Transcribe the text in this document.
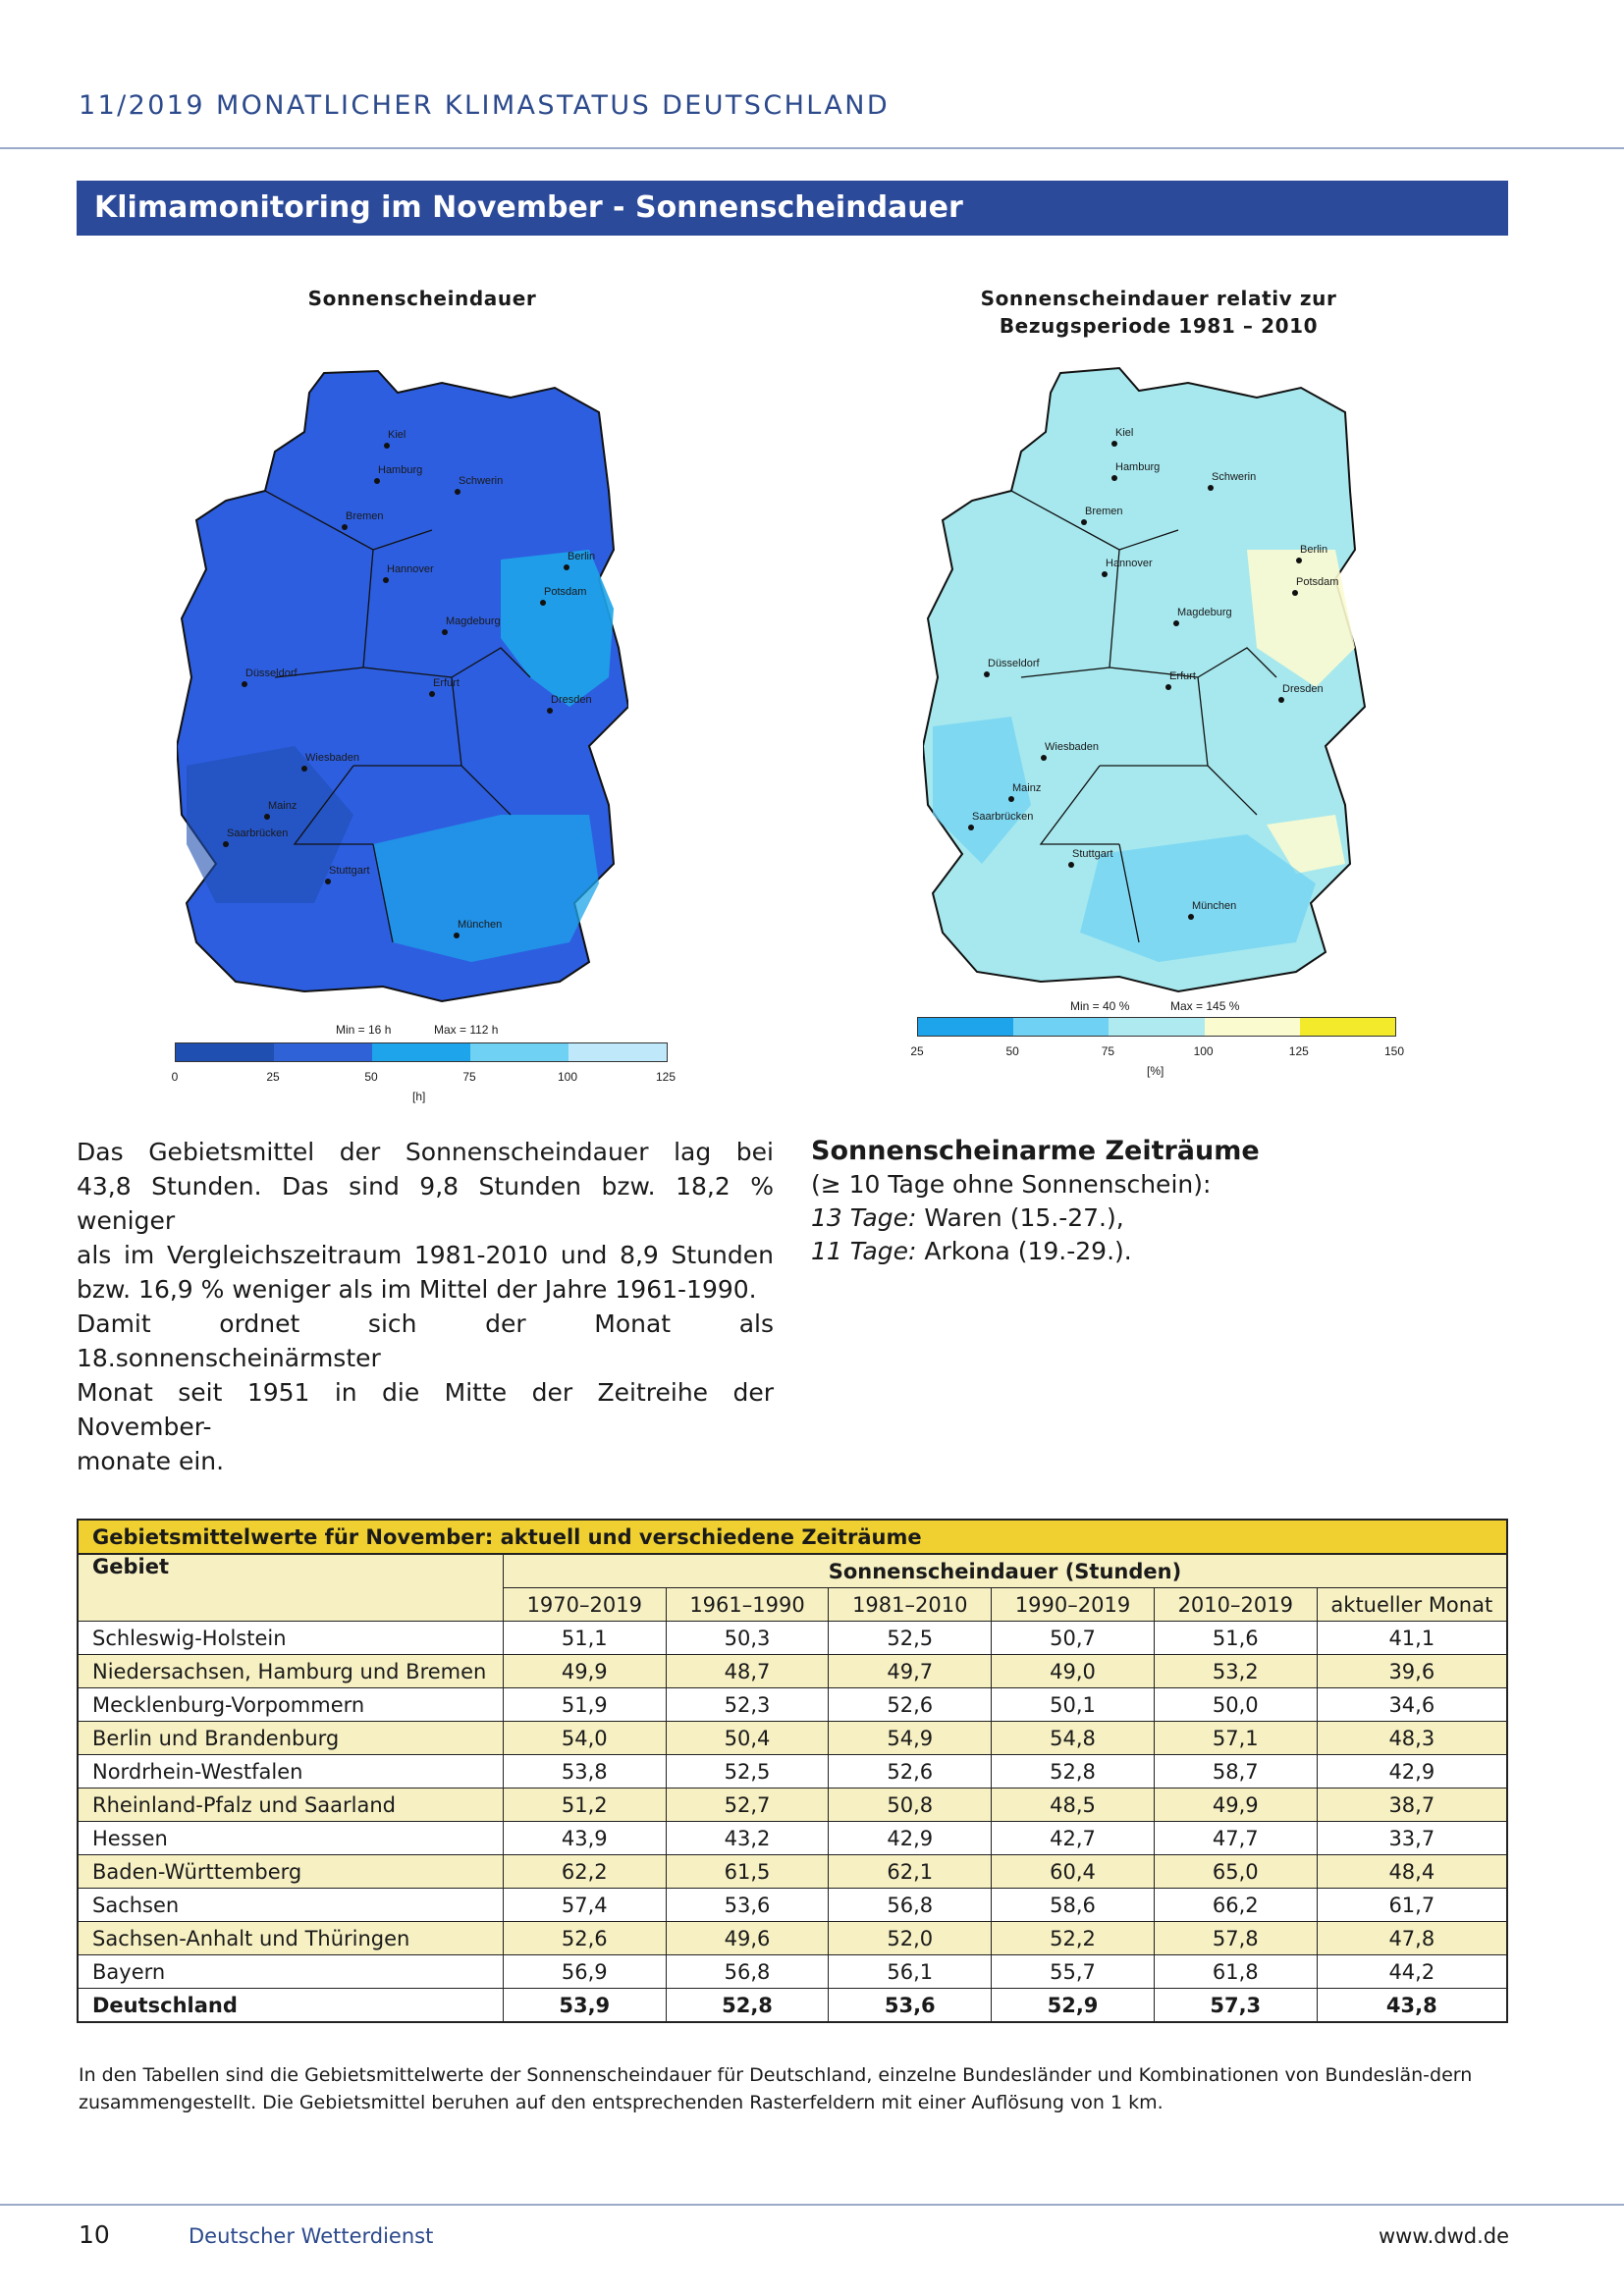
11/2019 MONATLICHER KLIMASTATUS DEUTSCHLAND
Klimamonitoring im November - Sonnenscheindauer
Sonnenscheindauer
Min = 16 h	Max = 112 h
0	25	50	75	100	125
[h]
Sonnenscheindauer relativ zur
Bezugsperiode 1981 – 2010
Min = 40 %	Max = 145 %
25	50	75	100	125	150
[%]
Kiel
Hamburg
Schwerin
Bremen
Berlin
Hannover
Potsdam
Magdeburg
Düsseldorf
Erfurt
Dresden
Wiesbaden
Mainz
Saarbrücken
Stuttgart
München
Kiel
Hamburg
Schwerin
Bremen
Berlin
Hannover
Potsdam
Magdeburg
Düsseldorf
Erfurt
Dresden
Wiesbaden
Mainz
Saarbrücken
Stuttgart
München
Das Gebietsmittel der Sonnenscheindauer lag bei
43,8 Stunden. Das sind 9,8 Stunden bzw. 18,2 % weniger
als im Vergleichszeitraum 1981-2010 und 8,9 Stunden
bzw. 16,9 % weniger als im Mittel der Jahre 1961-1990.
Damit ordnet sich der Monat als 18.sonnenscheinärmster
Monat seit 1951 in die Mitte der Zeitreihe der November-
monate ein.
Sonnenscheinarme Zeiträume
(≥ 10 Tage ohne Sonnenschein):
13 Tage: Waren (15.-27.),
11 Tage: Arkona (19.-29.).
Gebietsmittelwerte für November: aktuell und verschiedene Zeiträume						
Gebiet	Sonnenscheindauer (Stunden)					
	1970–2019	1961–1990	1981–2010	1990–2019	2010–2019	aktueller Monat
Schleswig-Holstein	51,1	50,3	52,5	50,7	51,6	41,1
Niedersachsen, Hamburg und Bremen	49,9	48,7	49,7	49,0	53,2	39,6
Mecklenburg-Vorpommern	51,9	52,3	52,6	50,1	50,0	34,6
Berlin und Brandenburg	54,0	50,4	54,9	54,8	57,1	48,3
Nordrhein-Westfalen	53,8	52,5	52,6	52,8	58,7	42,9
Rheinland-Pfalz und Saarland	51,2	52,7	50,8	48,5	49,9	38,7
Hessen	43,9	43,2	42,9	42,7	47,7	33,7
Baden-Württemberg	62,2	61,5	62,1	60,4	65,0	48,4
Sachsen	57,4	53,6	56,8	58,6	66,2	61,7
Sachsen-Anhalt und Thüringen	52,6	49,6	52,0	52,2	57,8	47,8
Bayern	56,9	56,8	56,1	55,7	61,8	44,2
Deutschland	53,9	52,8	53,6	52,9	57,3	43,8
In den Tabellen sind die Gebietsmittelwerte der Sonnenscheindauer für Deutschland, einzelne Bundesländer und Kombinationen von Bundeslän-dern zusammengestellt. Die Gebietsmittel beruhen auf den entsprechenden Rasterfeldern mit einer Auflösung von 1 km.
10	Deutscher Wetterdienst	www.dwd.de
